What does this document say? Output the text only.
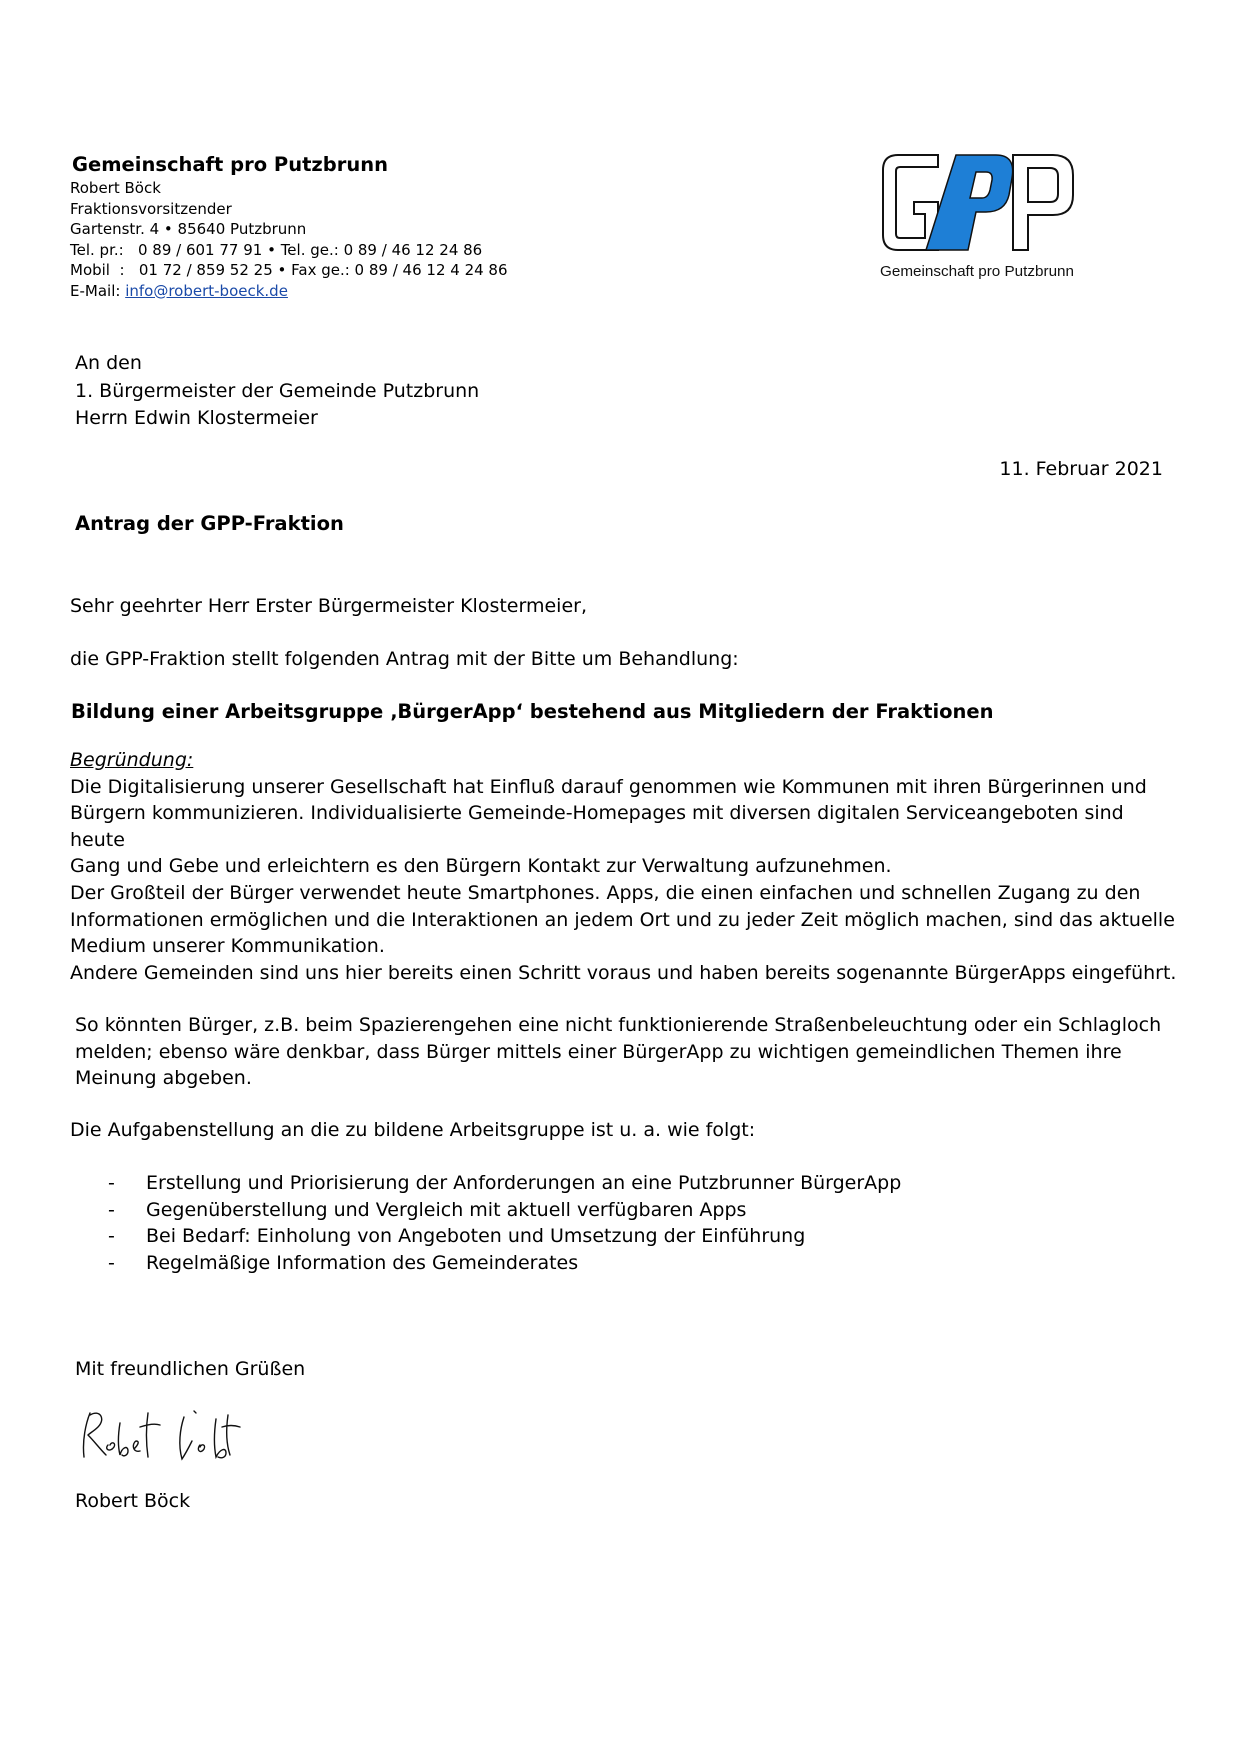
Gemeinschaft pro Putzbrunn
Robert Böck
Fraktionsvorsitzender
Gartenstr. 4 • 85640 Putzbrunn
Tel. pr.:   0 89 / 601 77 91 • Tel. ge.: 0 89 / 46 12 24 86
Mobil  :   01 72 / 859 52 25 • Fax ge.: 0 89 / 46 12 4 24 86
E-Mail: info@robert-boeck.de
Gemeinschaft pro Putzbrunn
An den
1. Bürgermeister der Gemeinde Putzbrunn
Herrn Edwin Klostermeier
11. Februar 2021
Antrag der GPP-Fraktion
Sehr geehrter Herr Erster Bürgermeister Klostermeier,
die GPP-Fraktion stellt folgenden Antrag mit der Bitte um Behandlung:
Bildung einer Arbeitsgruppe ‚BürgerApp‘ bestehend aus Mitgliedern der Fraktionen
Begründung:
Die Digitalisierung unserer Gesellschaft hat Einfluß darauf genommen wie Kommunen mit ihren Bürgerinnen und
Bürgern kommunizieren. Individualisierte Gemeinde-Homepages mit diversen digitalen Serviceangeboten sind heute
Gang und Gebe und erleichtern es den Bürgern Kontakt zur Verwaltung aufzunehmen.
Der Großteil der Bürger verwendet heute Smartphones. Apps, die einen einfachen und schnellen Zugang zu den
Informationen ermöglichen und die Interaktionen an jedem Ort und zu jeder Zeit möglich machen, sind das aktuelle
Medium unserer Kommunikation.
Andere Gemeinden sind uns hier bereits einen Schritt voraus und haben bereits sogenannte BürgerApps eingeführt.
So könnten Bürger, z.B. beim Spazierengehen eine nicht funktionierende Straßenbeleuchtung oder ein Schlagloch
melden; ebenso wäre denkbar, dass Bürger mittels einer BürgerApp zu wichtigen gemeindlichen Themen ihre
Meinung abgeben.
Die Aufgabenstellung an die zu bildene Arbeitsgruppe ist u. a. wie folgt:
-	Erstellung und Priorisierung der Anforderungen an eine Putzbrunner BürgerApp
-	Gegenüberstellung und Vergleich mit aktuell verfügbaren Apps
-	Bei Bedarf: Einholung von Angeboten und Umsetzung der Einführung
-	Regelmäßige Information des Gemeinderates
Mit freundlichen Grüßen
Robert Böck
